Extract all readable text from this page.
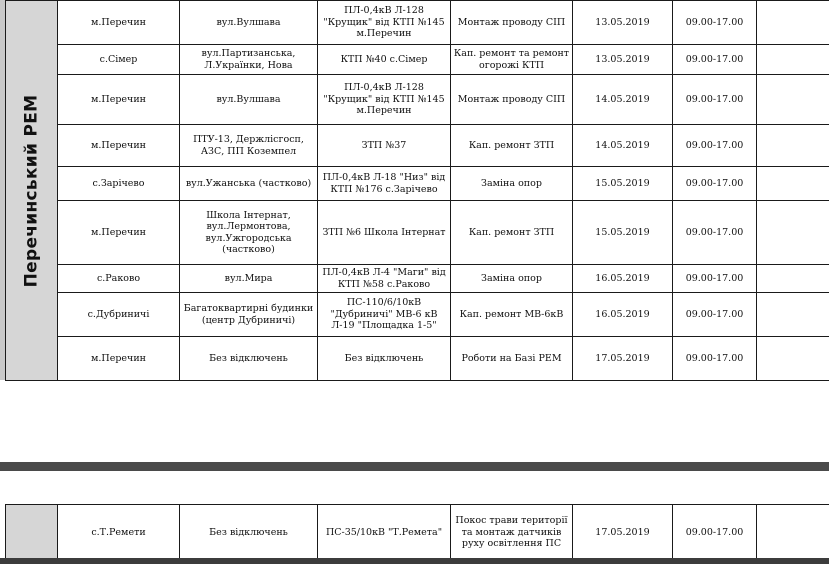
Перечинський РЕМ	м.Перечин	вул.Вулшава	ПЛ-0,4кВ Л-128 "Крущик" від КТП №145 м.Перечин	Монтаж проводу СІП	13.05.2019	09.00-17.00	
	с.Сімер	вул.Партизанська, Л.Українки, Нова	КТП №40 с.Сімер	Кап. ремонт та ремонт огорожі КТП	13.05.2019	09.00-17.00	
	м.Перечин	вул.Вулшава	ПЛ-0,4кВ Л-128 "Крущик" від КТП №145 м.Перечин	Монтаж проводу СІП	14.05.2019	09.00-17.00	
	м.Перечин	ПТУ-13, Держлісгосп, АЗС, ПП Коземпел	ЗТП №37	Кап. ремонт ЗТП	14.05.2019	09.00-17.00	
	с.Зарічево	вул.Ужанська (частково)	ПЛ-0,4кВ Л-18 "Низ" від КТП №176 с.Зарічево	Заміна опор	15.05.2019	09.00-17.00	
	м.Перечин	Школа Інтернат, вул.Лермонтова, вул.Ужгородська (частково)	ЗТП №6 Школа Інтернат	Кап. ремонт ЗТП	15.05.2019	09.00-17.00	
	с.Раково	вул.Мира	ПЛ-0,4кВ Л-4 "Маги" від КТП №58 с.Раково	Заміна опор	16.05.2019	09.00-17.00	
	с.Дубриничі	Багатоквартирні будинки (центр Дубриничі)	ПС-110/6/10кВ "Дубриничі" МВ-6 кВ Л-19 "Площадка 1-5"	Кап. ремонт МВ-6кВ	16.05.2019	09.00-17.00	
	м.Перечин	Без відключень	Без відключень	Роботи на Базі РЕМ	17.05.2019	09.00-17.00	
	с.Т.Ремети	Без відключень	ПС-35/10кВ "Т.Ремета"	Покос трави території та монтаж датчиків руху освітлення ПС	17.05.2019	09.00-17.00	
